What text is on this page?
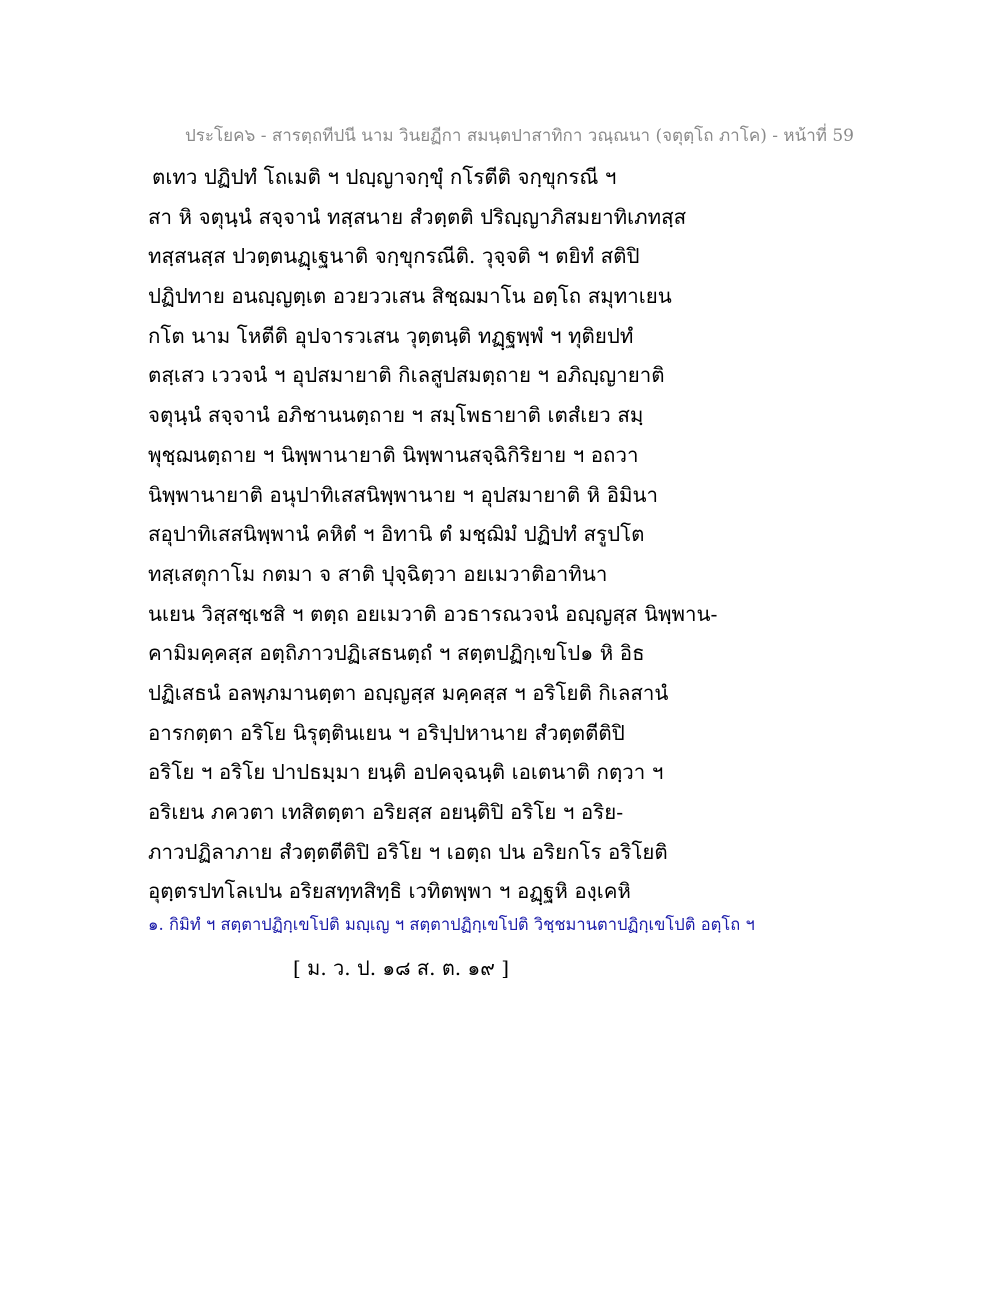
ประโยค๖ - สารตฺถทีปนี นาม วินยฏีกา สมนฺตปาสาทิกา วณฺณนา (จตุตฺโถ ภาโค) - หน้าที่ 59
ตเทว ปฏิปทํ โถเมติ ฯ ปญฺญาจกฺขุํ กโรตีติ จกฺขุกรณี ฯ
สา หิ จตุนฺนํ สจฺจานํ ทสฺสนาย สํวตฺตติ ปริญฺญาภิสมยาทิเภทสฺส
ทสฺสนสฺส ปวตฺตนฏฺเฐนาติ จกฺขุกรณีติ. วุจฺจติ ฯ ตยิทํ สติปิ
ปฏิปทาย อนญฺญตฺเต อวยววเสน สิชฺฌมาโน อตฺโถ สมุทาเยน
กโต นาม โหตีติ อุปจารวเสน วุตฺตนฺติ ทฏฺฐพฺพํ ฯ ทุติยปทํ
ตสฺเสว เววจนํ ฯ อุปสมายาติ กิเลสูปสมตฺถาย ฯ อภิญฺญายาติ
จตุนฺนํ สจฺจานํ อภิชานนตฺถาย ฯ สมฺโพธายาติ เตสํเยว สมฺ
พุชฺฌนตฺถาย ฯ นิพฺพานายาติ นิพฺพานสจฺฉิกิริยาย ฯ อถวา
นิพฺพานายาติ อนุปาทิเสสนิพฺพานาย ฯ อุปสมายาติ หิ อิมินา
สอุปาทิเสสนิพฺพานํ คหิตํ ฯ อิทานิ ตํ มชฺฌิมํ ปฏิปทํ สรูปโต
ทสฺเสตุกาโม กตมา จ สาติ ปุจฺฉิตฺวา อยเมวาติอาทินา
นเยน วิสฺสชฺเชสิ ฯ ตตฺถ อยเมวาติ อวธารณวจนํ อญฺญสฺส นิพฺพาน-
คามิมคฺคสฺส อตฺถิภาวปฏิเสธนตฺถํ ฯ สตฺตปฏิกฺเขโป๑ หิ อิธ
ปฏิเสธนํ อลพฺภมานตฺตา อญฺญสฺส มคฺคสฺส ฯ อริโยติ กิเลสานํ
อารกตฺตา อริโย นิรุตฺตินเยน ฯ อริปฺปหานาย สํวตฺตตีติปิ
อริโย ฯ อริโย ปาปธมฺมา ยนฺติ อปคจฺฉนฺติ เอเตนาติ กตฺวา ฯ
อริเยน ภควตา เทสิตตฺตา อริยสฺส อยนฺติปิ อริโย ฯ อริย-
ภาวปฏิลาภาย สํวตฺตตีติปิ อริโย ฯ เอตฺถ ปน อริยกโร อริโยติ
อุตฺตรปทโลเปน อริยสทฺทสิทฺธิ เวทิตพฺพา ฯ อฏฺฐหิ องฺเคหิ
๑. กิมิทํ ฯ สตฺตาปฏิกฺเขโปติ มญฺเญ ฯ สตฺตาปฏิกฺเขโปติ วิชฺชมานตาปฏิกฺเขโปติ อตฺโถ ฯ
[ ม. ว. ป. ๑๘ ส. ต. ๑๙ ]
